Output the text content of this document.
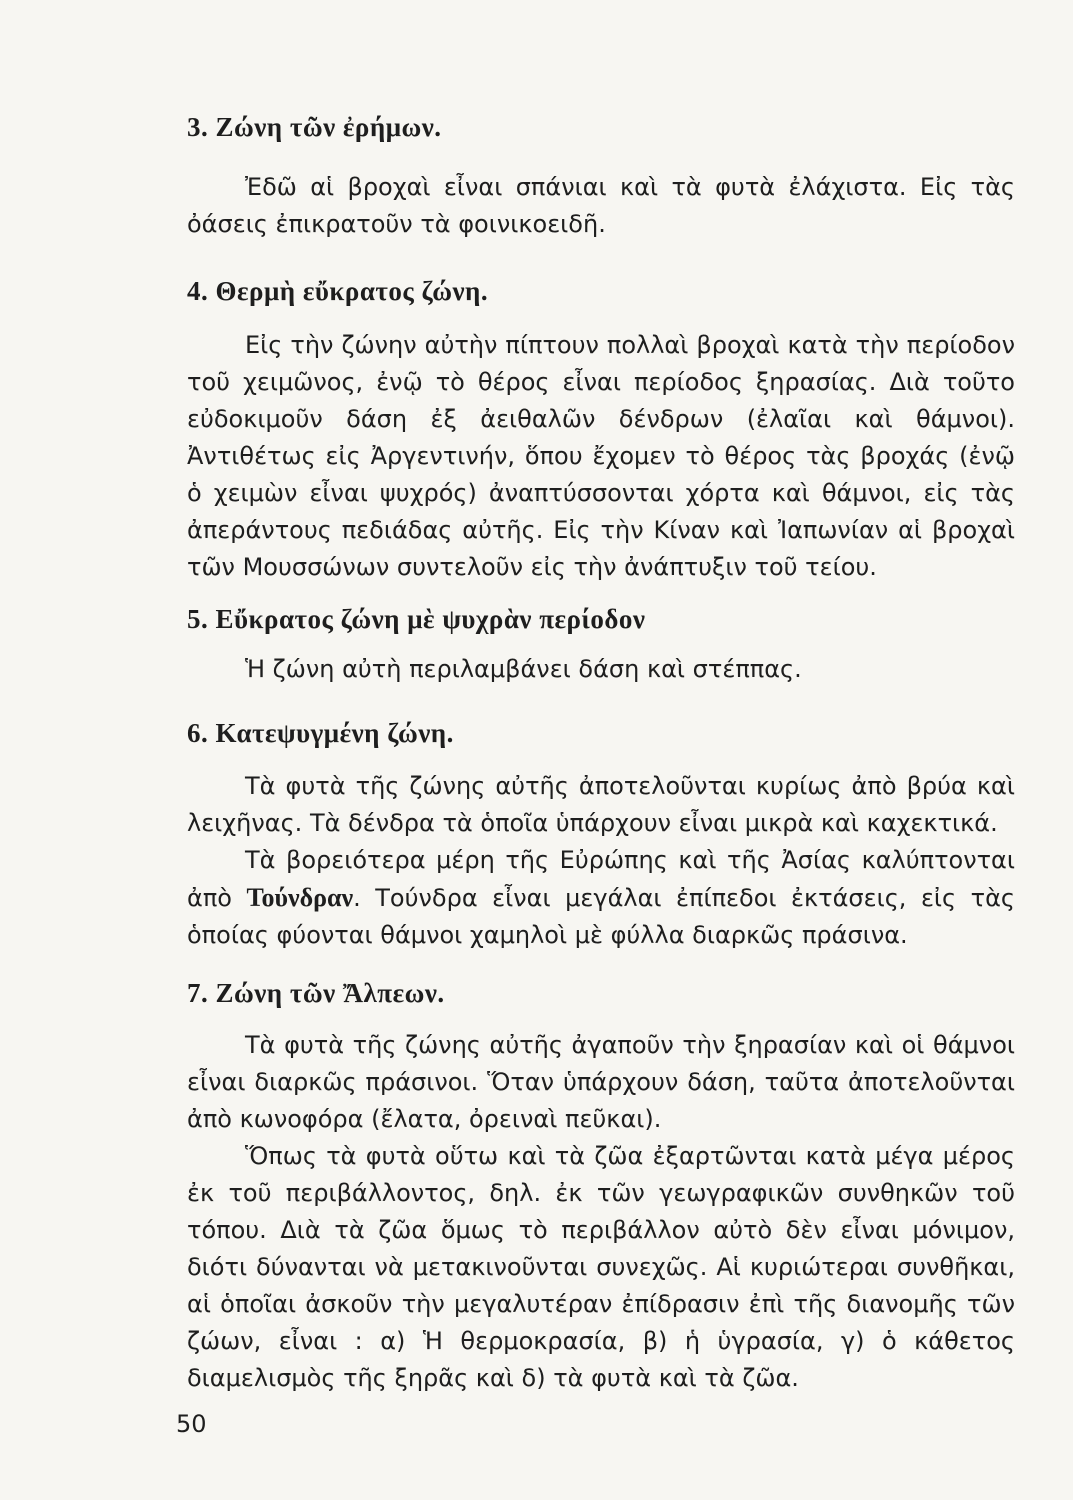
3. Ζώνη τῶν ἐρήμων.

Ἐδῶ αἱ βροχαὶ εἶναι σπάνιαι καὶ τὰ φυτὰ ἐλάχιστα. Εἰς τὰς ὀάσεις ἐπικρατοῦν τὰ φοινικοειδῆ.

4. Θερμὴ εὔκρατος ζώνη.

Εἰς τὴν ζώνην αὐτὴν πίπτουν πολλαὶ βροχαὶ κατὰ τὴν περίοδον τοῦ χειμῶνος, ἐνῷ τὸ θέρος εἶναι περίοδος ξηρασίας. Διὰ τοῦτο εὐδοκιμοῦν δάση ἐξ ἀειθαλῶν δένδρων (ἐλαῖαι καὶ θάμνοι). Ἀντιθέτως εἰς Ἀργεντινήν, ὅπου ἔχομεν τὸ θέρος τὰς βροχάς (ἐνῷ ὁ χειμὼν εἶναι ψυχρός) ἀναπτύσσονται χόρτα καὶ θάμνοι, εἰς τὰς ἀπεράντους πεδιάδας αὐτῆς. Εἰς τὴν Κίναν καὶ Ἰαπωνίαν αἱ βροχαὶ τῶν Μουσσώνων συντελοῦν εἰς τὴν ἀνάπτυξιν τοῦ τείου.

5. Εὔκρατος ζώνη μὲ ψυχρὰν περίοδον

Ἡ ζώνη αὐτὴ περιλαμβάνει δάση καὶ στέππας.

6. Κατεψυγμένη ζώνη.

Τὰ φυτὰ τῆς ζώνης αὐτῆς ἀποτελοῦνται κυρίως ἀπὸ βρύα καὶ λειχῆνας. Τὰ δένδρα τὰ ὁποῖα ὑπάρχουν εἶναι μικρὰ καὶ καχεκτικά.

Τὰ βορειότερα μέρη τῆς Εὐρώπης καὶ τῆς Ἀσίας καλύπτονται ἀπὸ Τούνδραν. Τούνδρα εἶναι μεγάλαι ἐπίπεδοι ἐκτάσεις, εἰς τὰς ὁποίας φύονται θάμνοι χαμηλοὶ μὲ φύλλα διαρκῶς πράσινα.

7. Ζώνη τῶν Ἄλπεων.

Τὰ φυτὰ τῆς ζώνης αὐτῆς ἀγαποῦν τὴν ξηρασίαν καὶ οἱ θάμνοι εἶναι διαρκῶς πράσινοι. Ὅταν ὑπάρχουν δάση, ταῦτα ἀποτελοῦνται ἀπὸ κωνοφόρα (ἔλατα, ὀρειναὶ πεῦκαι).

Ὅπως τὰ φυτὰ οὕτω καὶ τὰ ζῶα ἐξαρτῶνται κατὰ μέγα μέρος ἐκ τοῦ περιβάλλοντος, δηλ. ἐκ τῶν γεωγραφικῶν συνθηκῶν τοῦ τόπου. Διὰ τὰ ζῶα ὅμως τὸ περιβάλλον αὐτὸ δὲν εἶναι μόνιμον, διότι δύνανται νὰ μετακινοῦνται συνεχῶς. Αἱ κυριώτεραι συνθῆκαι, αἱ ὁποῖαι ἀσκοῦν τὴν μεγαλυτέραν ἐπίδρασιν ἐπὶ τῆς διανομῆς τῶν ζώων, εἶναι : α) Ἡ θερμοκρασία, β) ἡ ὑγρασία, γ) ὁ κάθετος διαμελισμὸς τῆς ξηρᾶς καὶ δ) τὰ φυτὰ καὶ τὰ ζῶα.

50
